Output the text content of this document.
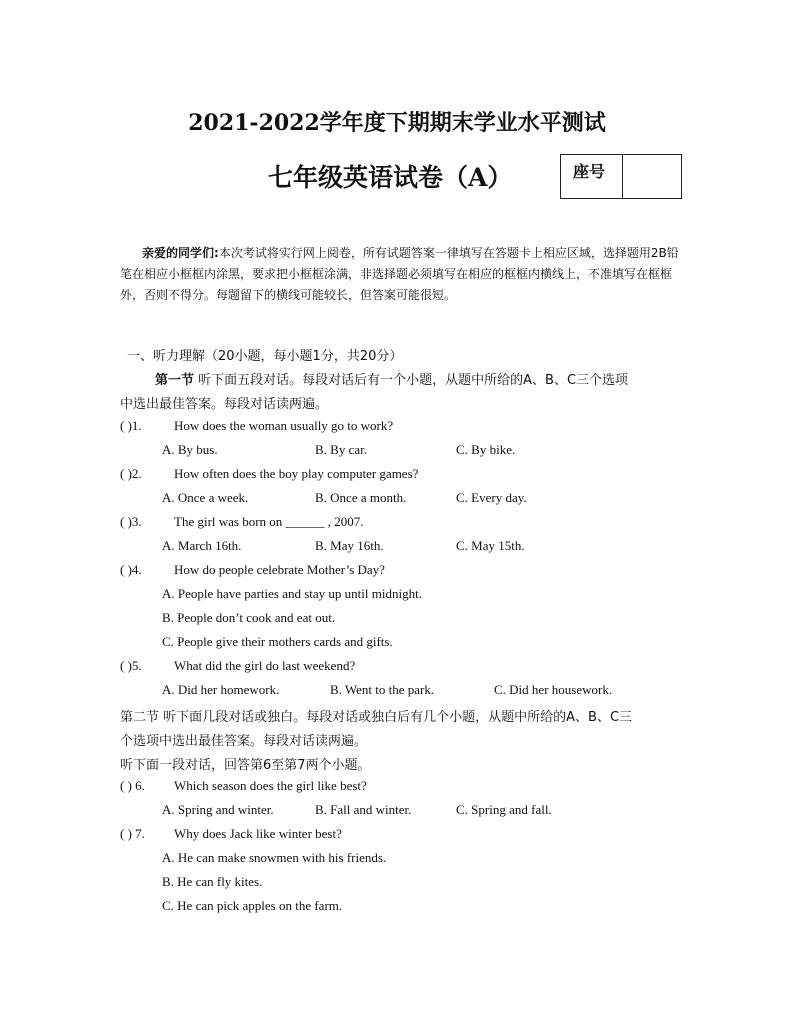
2021-2022学年度下期期末学业水平测试
七年级英语试卷（A）	座号
亲爱的同学们:本次考试将实行网上阅卷，所有试题答案一律填写在答题卡上相应区域，选择题用2B铅笔在相应小框框内涂黑，要求把小框框涂满，非选择题必须填写在相应的框框内横线上，不准填写在框框外，否则不得分。每题留下的横线可能较长，但答案可能很短。
一、听力理解（20小题，每小题1分，共20分）
第一节 听下面五段对话。每段对话后有一个小题，从题中所给的A、B、C三个选项
中选出最佳答案。每段对话读两遍。
( )1. How does the woman usually go to work?
A. By bus.	B. By car.	C. By bike.
( )2. How often does the boy play computer games?
A. Once a week.	B. Once a month.	C. Every day.
( )3. The girl was born on ______ , 2007.
A. March 16th.	B. May 16th.	C. May 15th.
( )4. How do people celebrate Mother’s Day?
A. People have parties and stay up until midnight.
B. People don’t cook and eat out.
C. People give their mothers cards and gifts.
( )5. What did the girl do last weekend?
A. Did her homework.	B. Went to the park.	C. Did her housework.
第二节 听下面几段对话或独白。每段对话或独白后有几个小题，从题中所给的A、B、C三
个选项中选出最佳答案。每段对话读两遍。
听下面一段对话，回答第6至第7两个小题。
( ) 6. Which season does the girl like best?
A. Spring and winter.	B. Fall and winter.	C. Spring and fall.
( ) 7. Why does Jack like winter best?
A. He can make snowmen with his friends.
B. He can fly kites.
C. He can pick apples on the farm.
